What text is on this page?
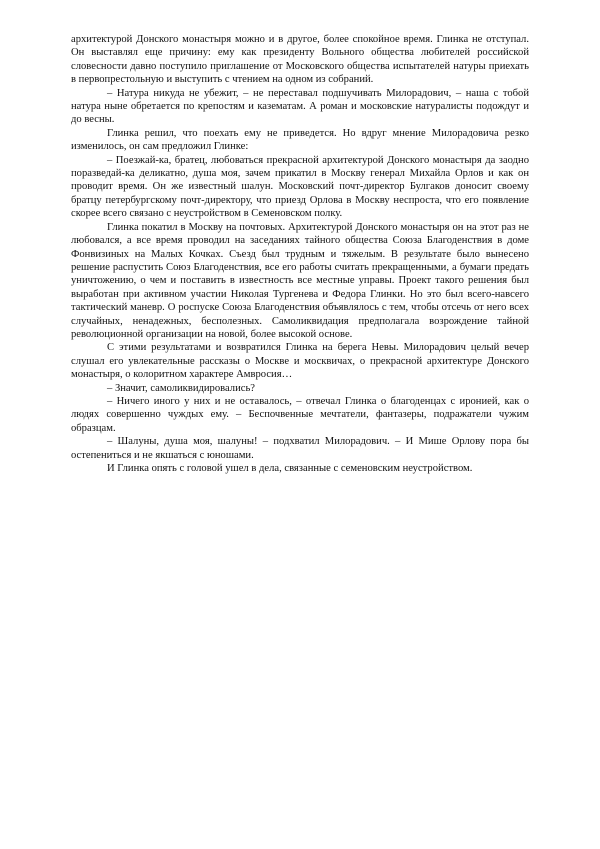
архитектурой Донского монастыря можно и в другое, более спокойное время. Глинка не отступал. Он выставлял еще причину: ему как президенту Вольного общества любителей российской словесности давно поступило приглашение от Московского общества испытателей натуры приехать в первопрестольную и выступить с чтением на одном из собраний.

– Натура никуда не убежит, – не переставал подшучивать Милорадович, – наша с тобой натура ныне обретается по крепостям и казематам. А роман и московские натуралисты подождут и до весны.

Глинка решил, что поехать ему не приведется. Но вдруг мнение Милорадовича резко изменилось, он сам предложил Глинке:

– Поезжай-ка, братец, любоваться прекрасной архитектурой Донского монастыря да заодно поразведай-ка деликатно, душа моя, зачем прикатил в Москву генерал Михайла Орлов и как он проводит время. Он же известный шалун. Московский почт-директор Булгаков доносит своему братцу петербургскому почт-директору, что приезд Орлова в Москву неспроста, что его появление скорее всего связано с неустройством в Семеновском полку.

Глинка покатил в Москву на почтовых. Архитектурой Донского монастыря он на этот раз не любовался, а все время проводил на заседаниях тайного общества Союза Благоденствия в доме Фонвизиных на Малых Кочках. Съезд был трудным и тяжелым. В результате было вынесено решение распустить Союз Благоденствия, все его работы считать прекращенными, а бумаги предать уничтожению, о чем и поставить в известность все местные управы. Проект такого решения был выработан при активном участии Николая Тургенева и Федора Глинки. Но это был всего-навсего тактический маневр. О роспуске Союза Благоденствия объявлялось с тем, чтобы отсечь от него всех случайных, ненадежных, бесполезных. Самоликвидация предполагала возрождение тайной революционной организации на новой, более высокой основе.

С этими результатами и возвратился Глинка на берега Невы. Милорадович целый вечер слушал его увлекательные рассказы о Москве и москвичах, о прекрасной архитектуре Донского монастыря, о колоритном характере Амвросия…

– Значит, самоликвидировались?

– Ничего иного у них и не оставалось, – отвечал Глинка о благоденцах с иронией, как о людях совершенно чуждых ему. – Беспочвенные мечтатели, фантазеры, подражатели чужим образцам.

– Шалуны, душа моя, шалуны! – подхватил Милорадович. – И Мише Орлову пора бы остепениться и не якшаться с юношами.

И Глинка опять с головой ушел в дела, связанные с семеновским неустройством.
